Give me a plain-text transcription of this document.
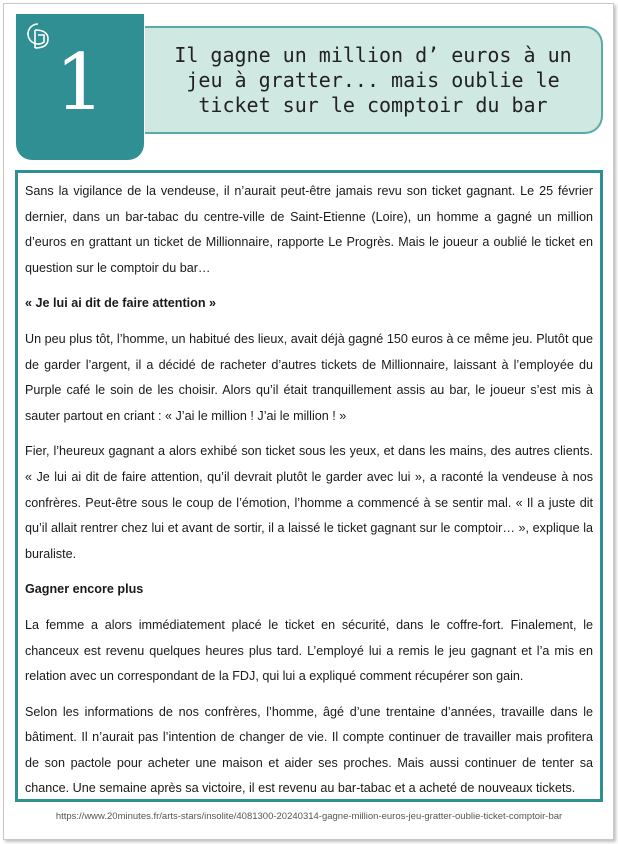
1	Il gagne un million d’ euros à un jeu à gratter... mais oublie le ticket sur le comptoir du bar

Sans la vigilance de la vendeuse, il n’aurait peut-être jamais revu son ticket gagnant. Le 25 février dernier, dans un bar-tabac du centre-ville de Saint-Etienne (Loire), un homme a gagné un million d’euros en grattant un ticket de Millionnaire, rapporte Le Progrès. Mais le joueur a oublié le ticket en question sur le comptoir du bar…

« Je lui ai dit de faire attention »

Un peu plus tôt, l’homme, un habitué des lieux, avait déjà gagné 150 euros à ce même jeu. Plutôt que de garder l’argent, il a décidé de racheter d’autres tickets de Millionnaire, laissant à l’employée du Purple café le soin de les choisir. Alors qu’il était tranquillement assis au bar, le joueur s’est mis à sauter partout en criant : « J’ai le million ! J’ai le million ! »

Fier, l’heureux gagnant a alors exhibé son ticket sous les yeux, et dans les mains, des autres clients. « Je lui ai dit de faire attention, qu’il devrait plutôt le garder avec lui », a raconté la vendeuse à nos confrères. Peut-être sous le coup de l’émotion, l’homme a commencé à se sentir mal. « Il a juste dit qu’il allait rentrer chez lui et avant de sortir, il a laissé le ticket gagnant sur le comptoir… », explique la buraliste.

Gagner encore plus

La femme a alors immédiatement placé le ticket en sécurité, dans le coffre-fort. Finalement, le chanceux est revenu quelques heures plus tard. L’employé lui a remis le jeu gagnant et l’a mis en relation avec un correspondant de la FDJ, qui lui a expliqué comment récupérer son gain.

Selon les informations de nos confrères, l’homme, âgé d’une trentaine d’années, travaille dans le bâtiment. Il n’aurait pas l’intention de changer de vie. Il compte continuer de travailler mais profitera de son pactole pour acheter une maison et aider ses proches. Mais aussi continuer de tenter sa chance. Une semaine après sa victoire, il est revenu au bar-tabac et a acheté de nouveaux tickets.

https://www.20minutes.fr/arts-stars/insolite/4081300-20240314-gagne-million-euros-jeu-gratter-oublie-ticket-comptoir-bar
